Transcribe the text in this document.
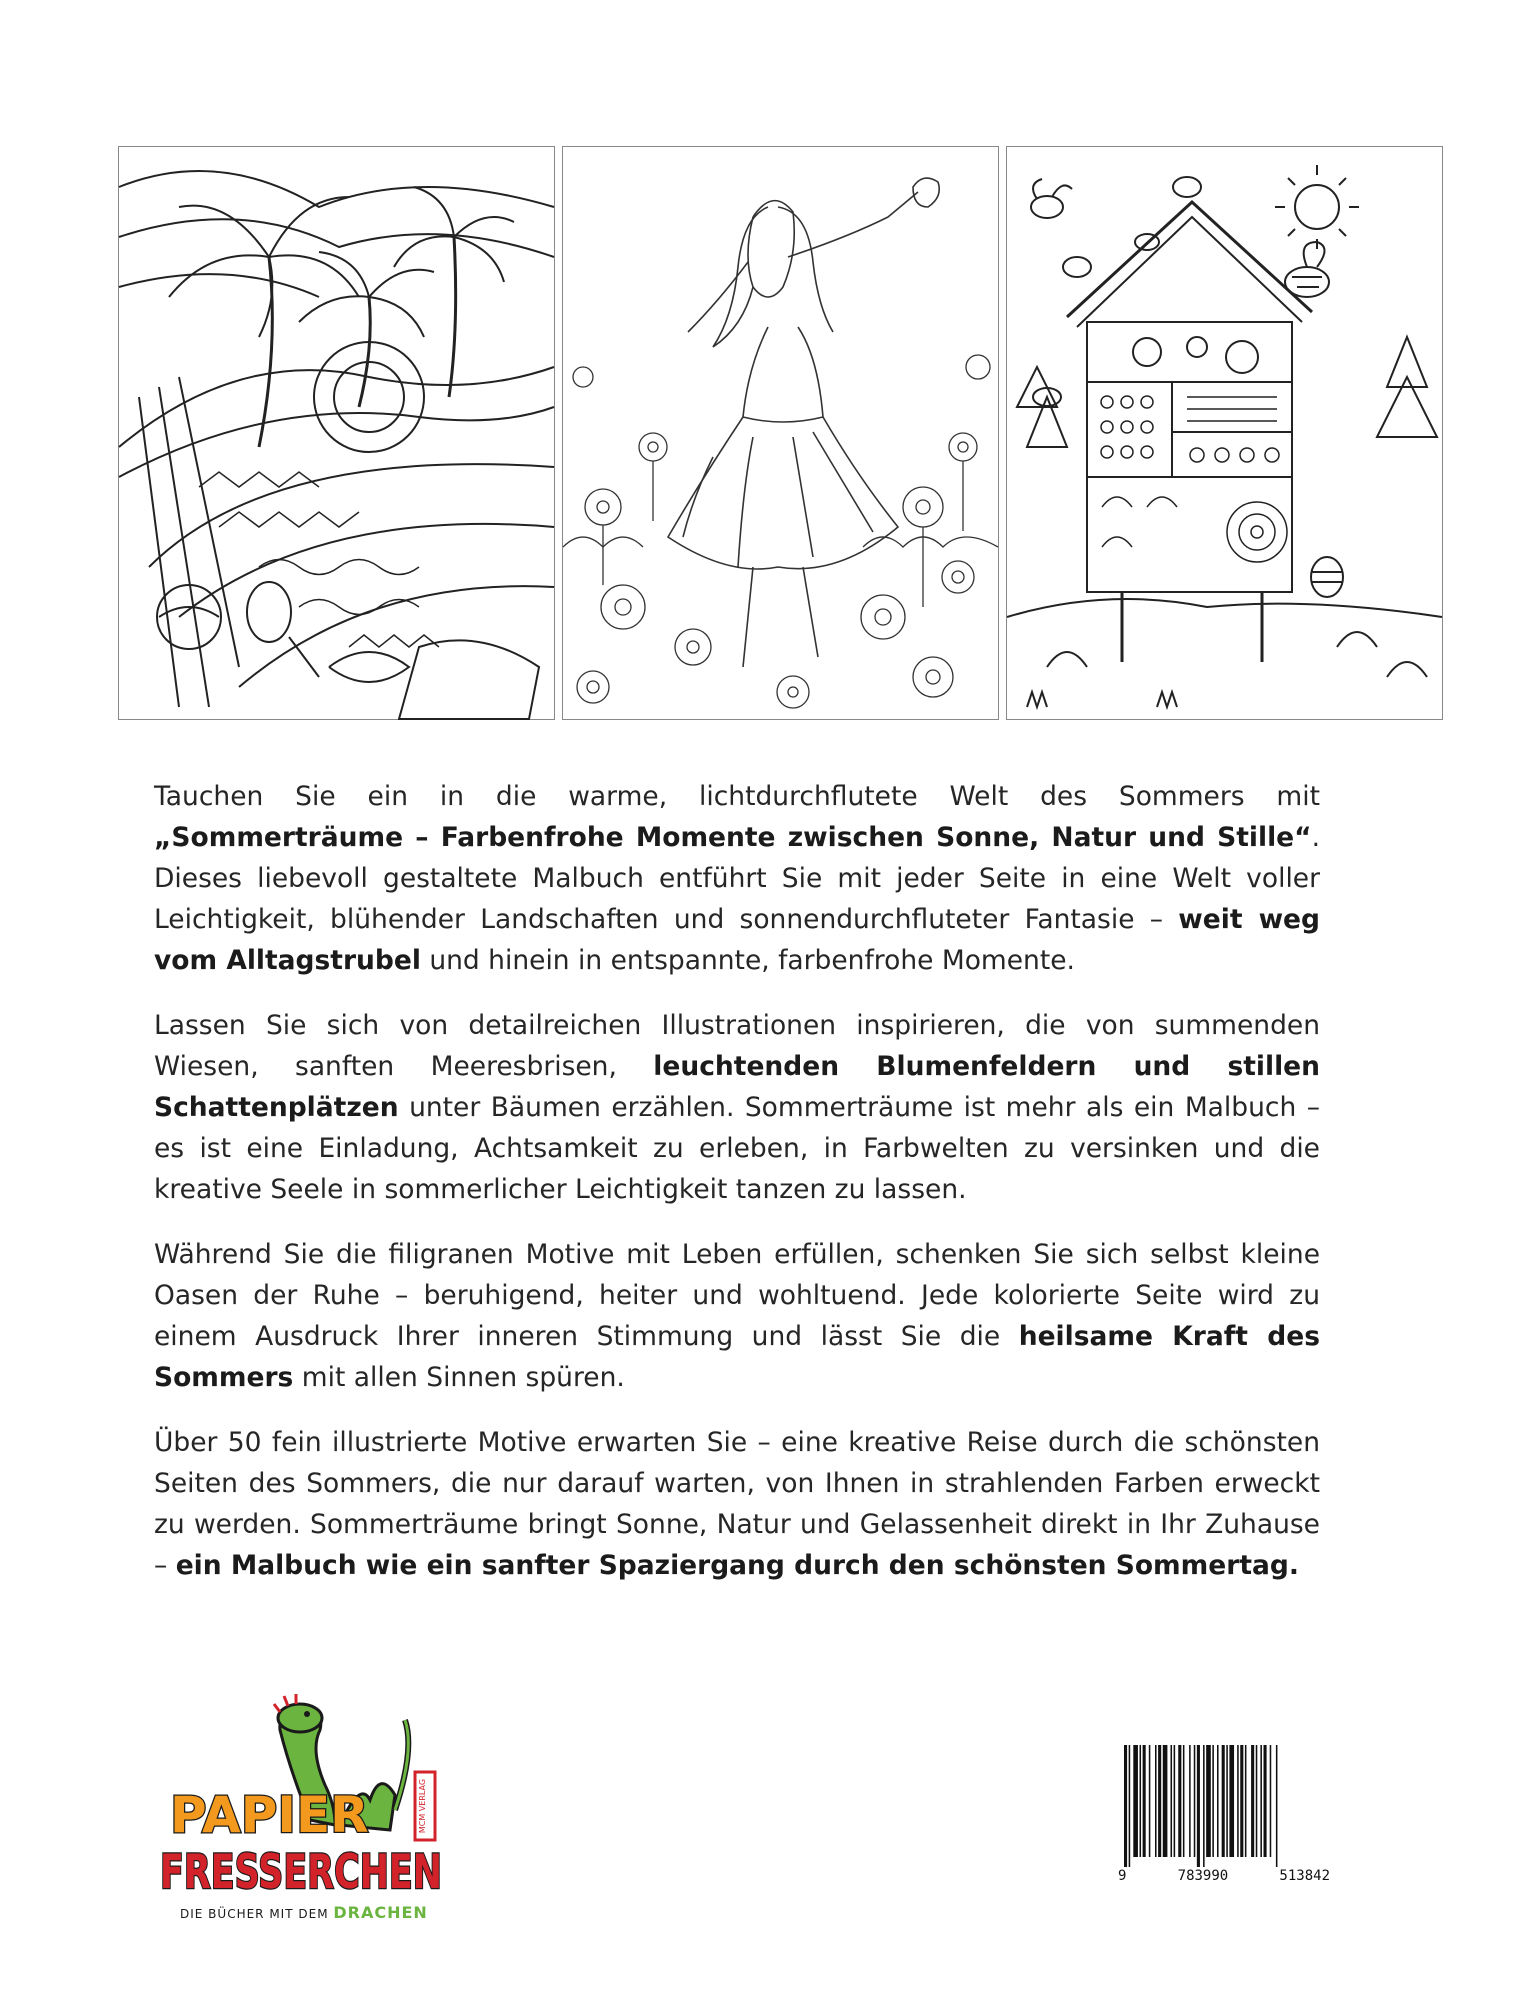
Tauchen Sie ein in die warme, lichtdurchflutete Welt des Sommers mit „Sommerträume – Farbenfrohe Momente zwischen Sonne, Natur und Stille“. Dieses liebevoll gestaltete Malbuch entführt Sie mit jeder Seite in eine Welt voller Leichtigkeit, blühender Landschaften und sonnendurchfluteter Fantasie – weit weg vom Alltagstrubel und hinein in entspannte, farbenfrohe Momente.

Lassen Sie sich von detailreichen Illustrationen inspirieren, die von summenden Wiesen, sanften Meeresbrisen, leuchtenden Blumenfeldern und stillen Schattenplätzen unter Bäumen erzählen. Sommerträume ist mehr als ein Malbuch – es ist eine Einladung, Achtsamkeit zu erleben, in Farbwelten zu versinken und die kreative Seele in sommerlicher Leichtigkeit tanzen zu lassen.

Während Sie die filigranen Motive mit Leben erfüllen, schenken Sie sich selbst kleine Oasen der Ruhe – beruhigend, heiter und wohltuend. Jede kolorierte Seite wird zu einem Ausdruck Ihrer inneren Stimmung und lässt Sie die heilsame Kraft des Sommers mit allen Sinnen spüren.

Über 50 fein illustrierte Motive erwarten Sie – eine kreative Reise durch die schönsten Seiten des Sommers, die nur darauf warten, von Ihnen in strahlenden Farben erweckt zu werden. Sommerträume bringt Sonne, Natur und Gelassenheit direkt in Ihr Zuhause – ein Malbuch wie ein sanfter Spaziergang durch den schönsten Sommertag.

MCM VERLAG
PAPIER
FRESSERCHEN
DIE BÜCHER MIT DEM DRACHEN
9	783990	513842
